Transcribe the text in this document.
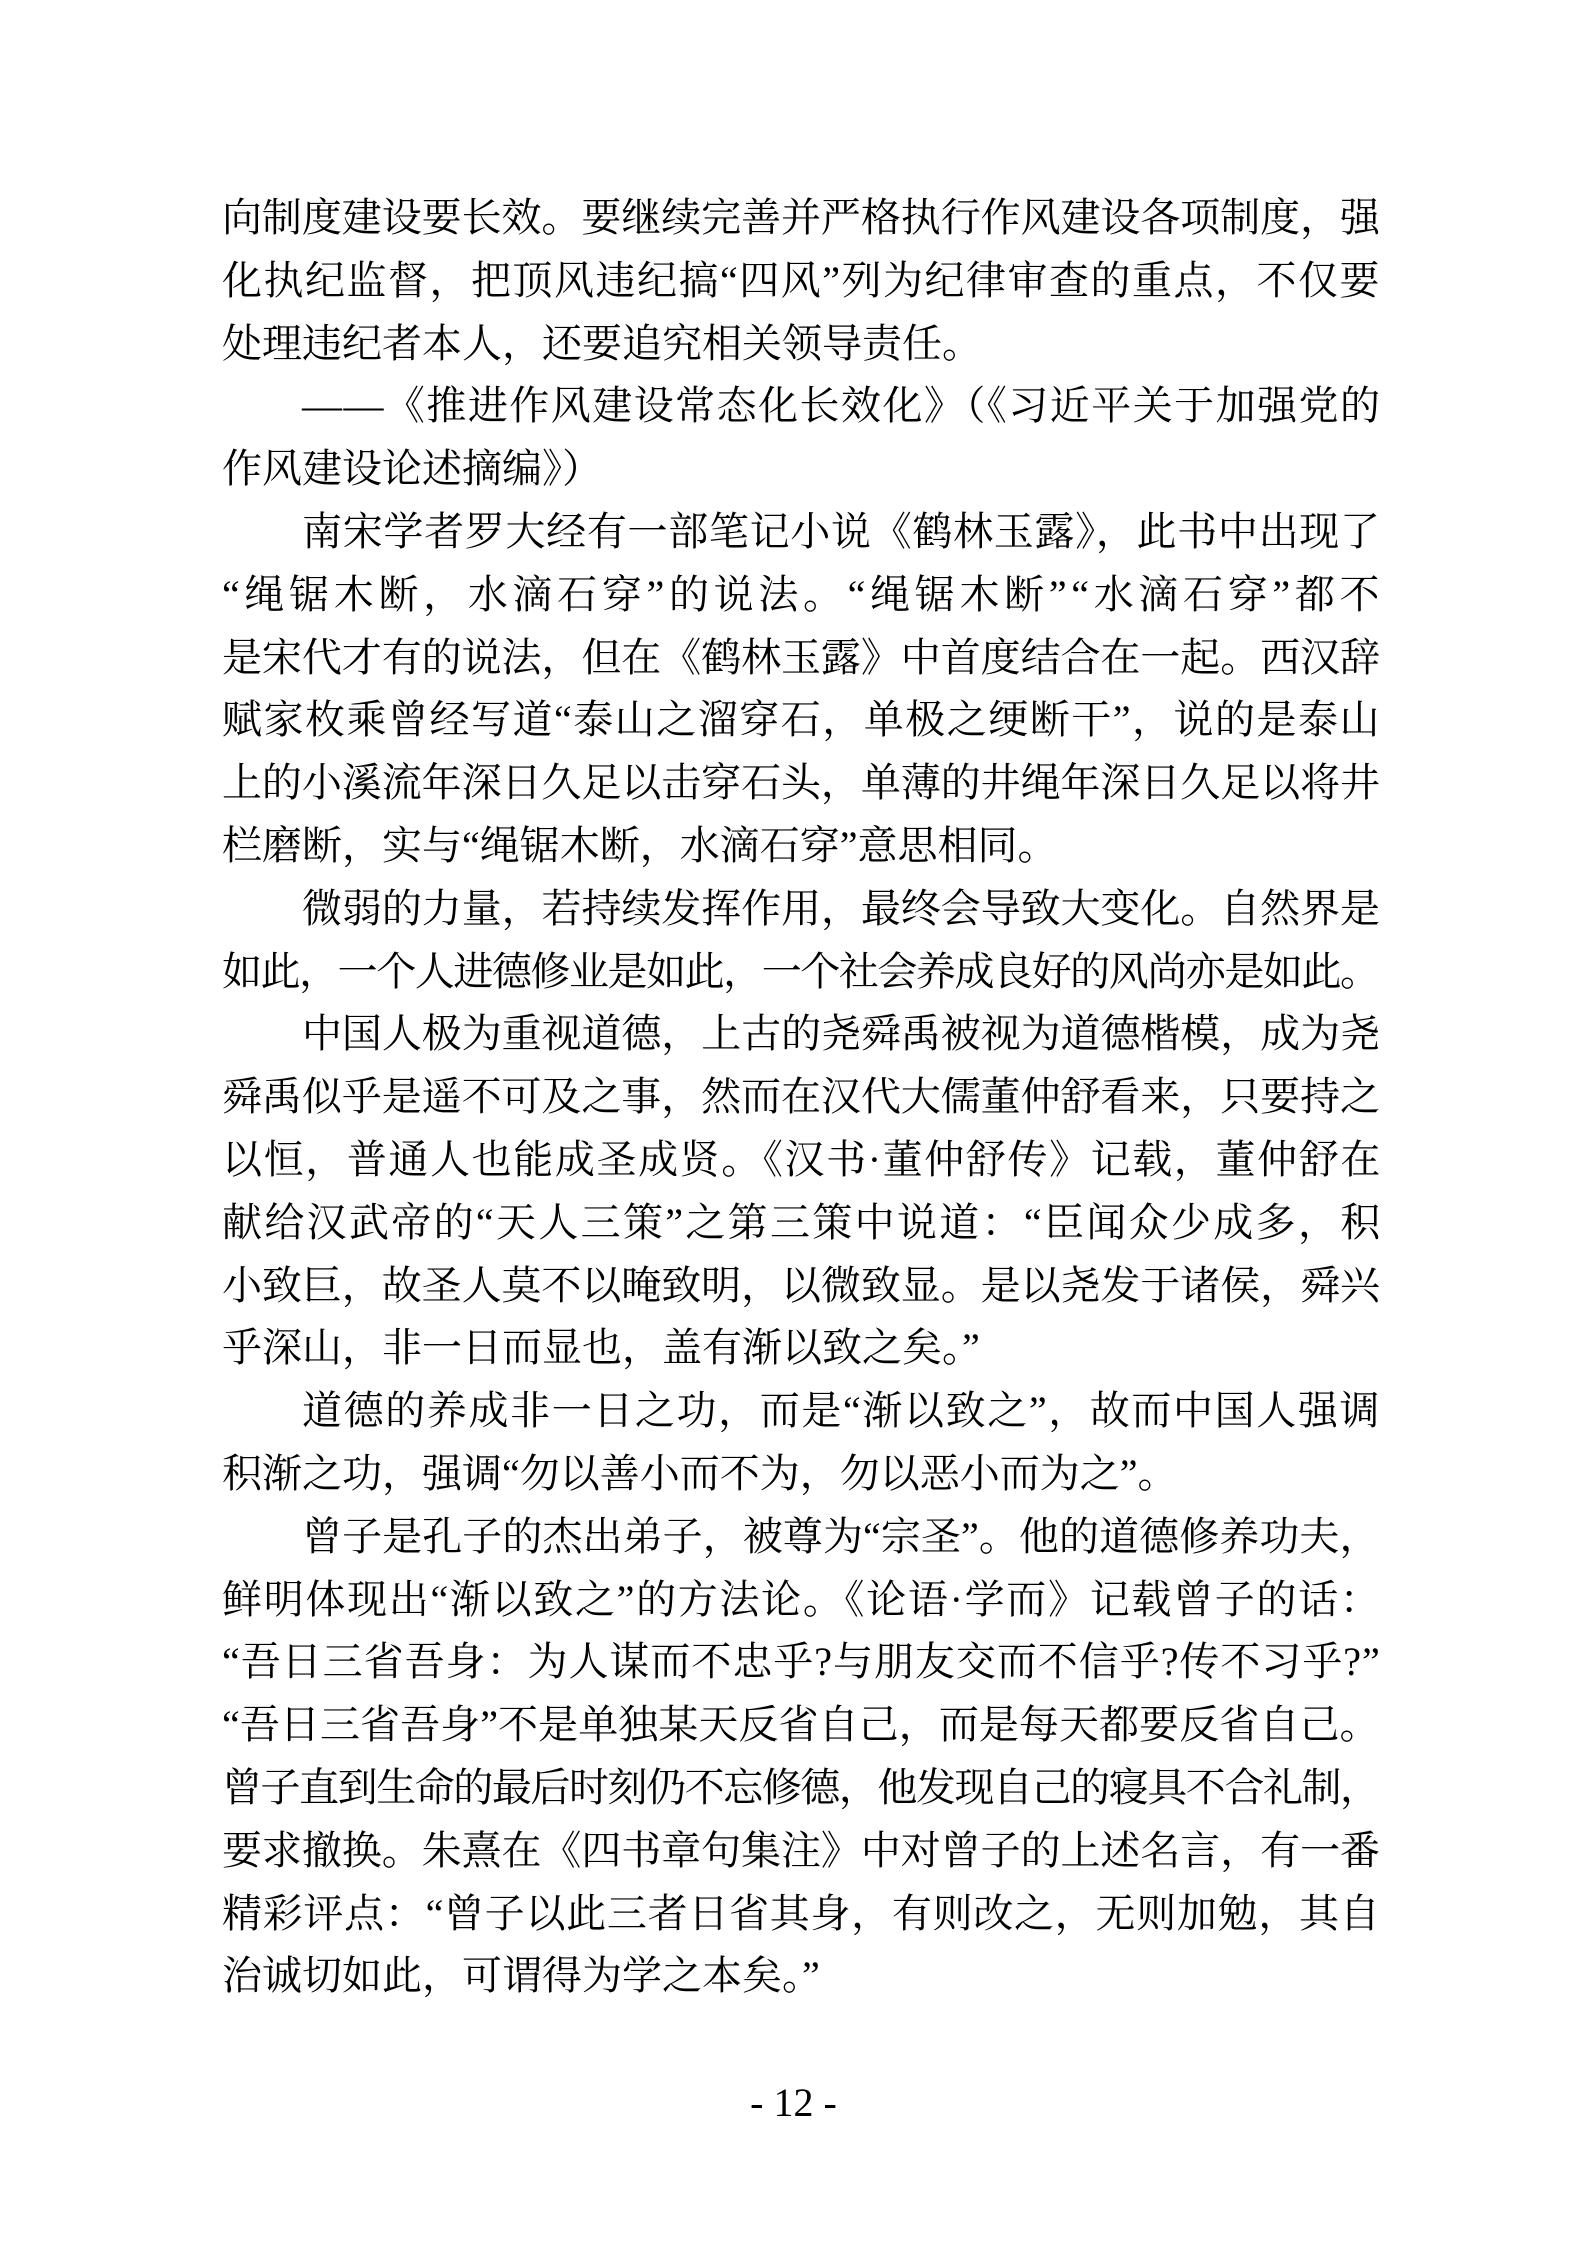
向制度建设要长效。要继续完善并严格执行作风建设各项制度，强
化执纪监督，把顶风违纪搞“四风”列为纪律审查的重点，不仅要
处理违纪者本人，还要追究相关领导责任。
——《推进作风建设常态化长效化》（《习近平关于加强党的
作风建设论述摘编》）
南宋学者罗大经有一部笔记小说《鹤林玉露》，此书中出现了
“绳锯木断，水滴石穿”的说法。“绳锯木断”“水滴石穿”都不
是宋代才有的说法，但在《鹤林玉露》中首度结合在一起。西汉辞
赋家枚乘曾经写道“泰山之溜穿石，单极之绠断干”，说的是泰山
上的小溪流年深日久足以击穿石头，单薄的井绳年深日久足以将井
栏磨断，实与“绳锯木断，水滴石穿”意思相同。
微弱的力量，若持续发挥作用，最终会导致大变化。自然界是
如此，一个人进德修业是如此，一个社会养成良好的风尚亦是如此。
中国人极为重视道德，上古的尧舜禹被视为道德楷模，成为尧
舜禹似乎是遥不可及之事，然而在汉代大儒董仲舒看来，只要持之
以恒，普通人也能成圣成贤。《汉书·董仲舒传》记载，董仲舒在
献给汉武帝的“天人三策”之第三策中说道：“臣闻众少成多，积
小致巨，故圣人莫不以晻致明，以微致显。是以尧发于诸侯，舜兴
乎深山，非一日而显也，盖有渐以致之矣。”
道德的养成非一日之功，而是“渐以致之”，故而中国人强调
积渐之功，强调“勿以善小而不为，勿以恶小而为之”。
曾子是孔子的杰出弟子，被尊为“宗圣”。他的道德修养功夫，
鲜明体现出“渐以致之”的方法论。《论语·学而》记载曾子的话：
“吾日三省吾身：为人谋而不忠乎?与朋友交而不信乎?传不习乎?”
“吾日三省吾身”不是单独某天反省自己，而是每天都要反省自己。
曾子直到生命的最后时刻仍不忘修德，他发现自己的寝具不合礼制，
要求撤换。朱熹在《四书章句集注》中对曾子的上述名言，有一番
精彩评点：“曾子以此三者日省其身，有则改之，无则加勉，其自
治诚切如此，可谓得为学之本矣。”
- 12 -
